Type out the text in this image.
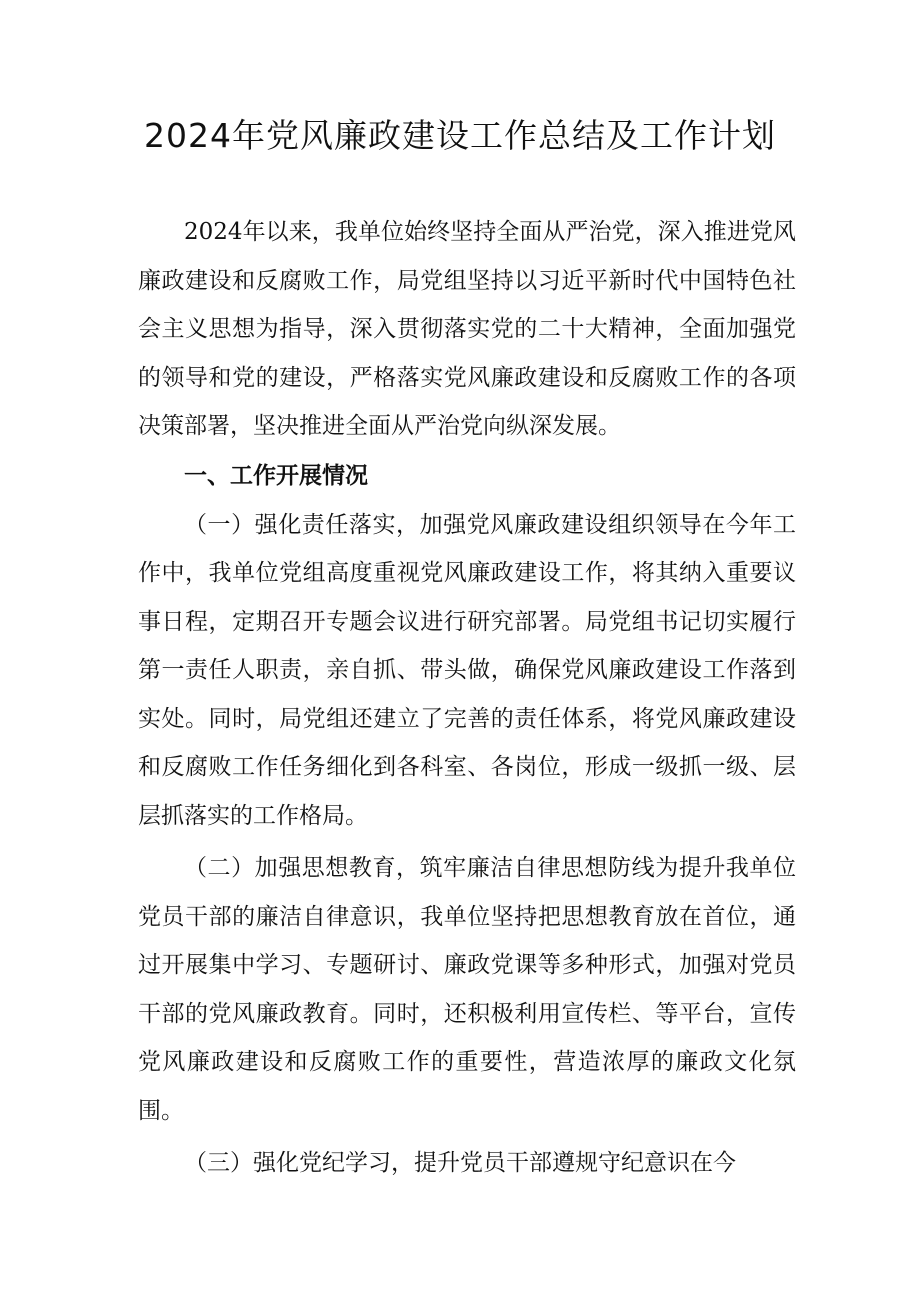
2024年党风廉政建设工作总结及工作计划

2024年以来，我单位始终坚持全面从严治党，深入推进党风廉政建设和反腐败工作，局党组坚持以习近平新时代中国特色社会主义思想为指导，深入贯彻落实党的二十大精神，全面加强党的领导和党的建设，严格落实党风廉政建设和反腐败工作的各项决策部署，坚决推进全面从严治党向纵深发展。

一、工作开展情况

（一）强化责任落实，加强党风廉政建设组织领导在今年工作中，我单位党组高度重视党风廉政建设工作，将其纳入重要议事日程，定期召开专题会议进行研究部署。局党组书记切实履行第一责任人职责，亲自抓、带头做，确保党风廉政建设工作落到实处。同时，局党组还建立了完善的责任体系，将党风廉政建设和反腐败工作任务细化到各科室、各岗位，形成一级抓一级、层层抓落实的工作格局。

（二）加强思想教育，筑牢廉洁自律思想防线为提升我单位党员干部的廉洁自律意识，我单位坚持把思想教育放在首位，通过开展集中学习、专题研讨、廉政党课等多种形式，加强对党员干部的党风廉政教育。同时，还积极利用宣传栏、等平台，宣传党风廉政建设和反腐败工作的重要性，营造浓厚的廉政文化氛围。

（三）强化党纪学习，提升党员干部遵规守纪意识在今
